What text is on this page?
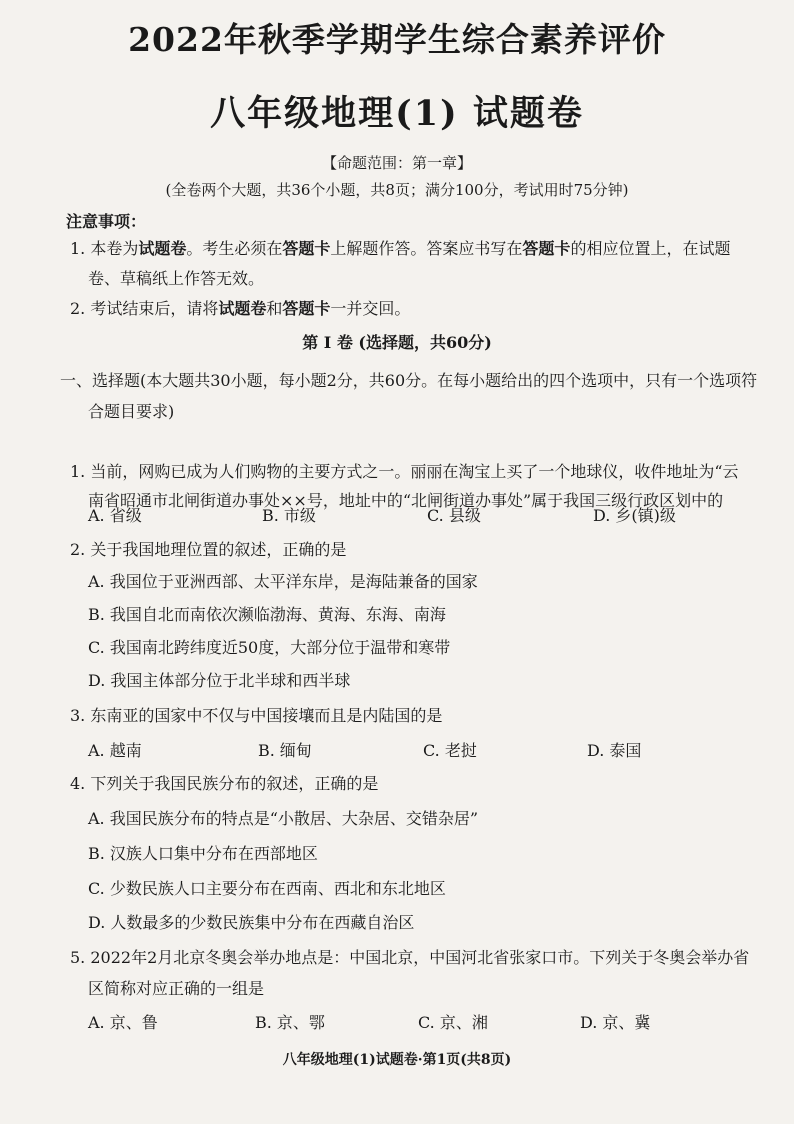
2022年秋季学期学生综合素养评价
八年级地理(1) 试题卷
【命题范围：第一章】
(全卷两个大题，共36个小题，共8页；满分100分，考试用时75分钟)
注意事项：
1. 本卷为试题卷。考生必须在答题卡上解题作答。答案应书写在答题卡的相应位置上，在试题
卷、草稿纸上作答无效。
2. 考试结束后，请将试题卷和答题卡一并交回。
第 Ⅰ 卷 (选择题，共60分)
一、选择题(本大题共30小题，每小题2分，共60分。在每小题给出的四个选项中，只有一个选项符
合题目要求)
1. 当前，网购已成为人们购物的主要方式之一。丽丽在淘宝上买了一个地球仪，收件地址为“云
南省昭通市北闸街道办事处××号，地址中的“北闸街道办事处”属于我国三级行政区划中的
A. 省级	B. 市级	C. 县级	D. 乡(镇)级
2. 关于我国地理位置的叙述，正确的是
A. 我国位于亚洲西部、太平洋东岸，是海陆兼备的国家
B. 我国自北而南依次濒临渤海、黄海、东海、南海
C. 我国南北跨纬度近50度，大部分位于温带和寒带
D. 我国主体部分位于北半球和西半球
3. 东南亚的国家中不仅与中国接壤而且是内陆国的是
A. 越南	B. 缅甸	C. 老挝	D. 泰国
4. 下列关于我国民族分布的叙述，正确的是
A. 我国民族分布的特点是“小散居、大杂居、交错杂居”
B. 汉族人口集中分布在西部地区
C. 少数民族人口主要分布在西南、西北和东北地区
D. 人数最多的少数民族集中分布在西藏自治区
5. 2022年2月北京冬奥会举办地点是：中国北京，中国河北省张家口市。下列关于冬奥会举办省
区简称对应正确的一组是
A. 京、鲁	B. 京、鄂	C. 京、湘	D. 京、冀
八年级地理(1)试题卷·第1页(共8页)
